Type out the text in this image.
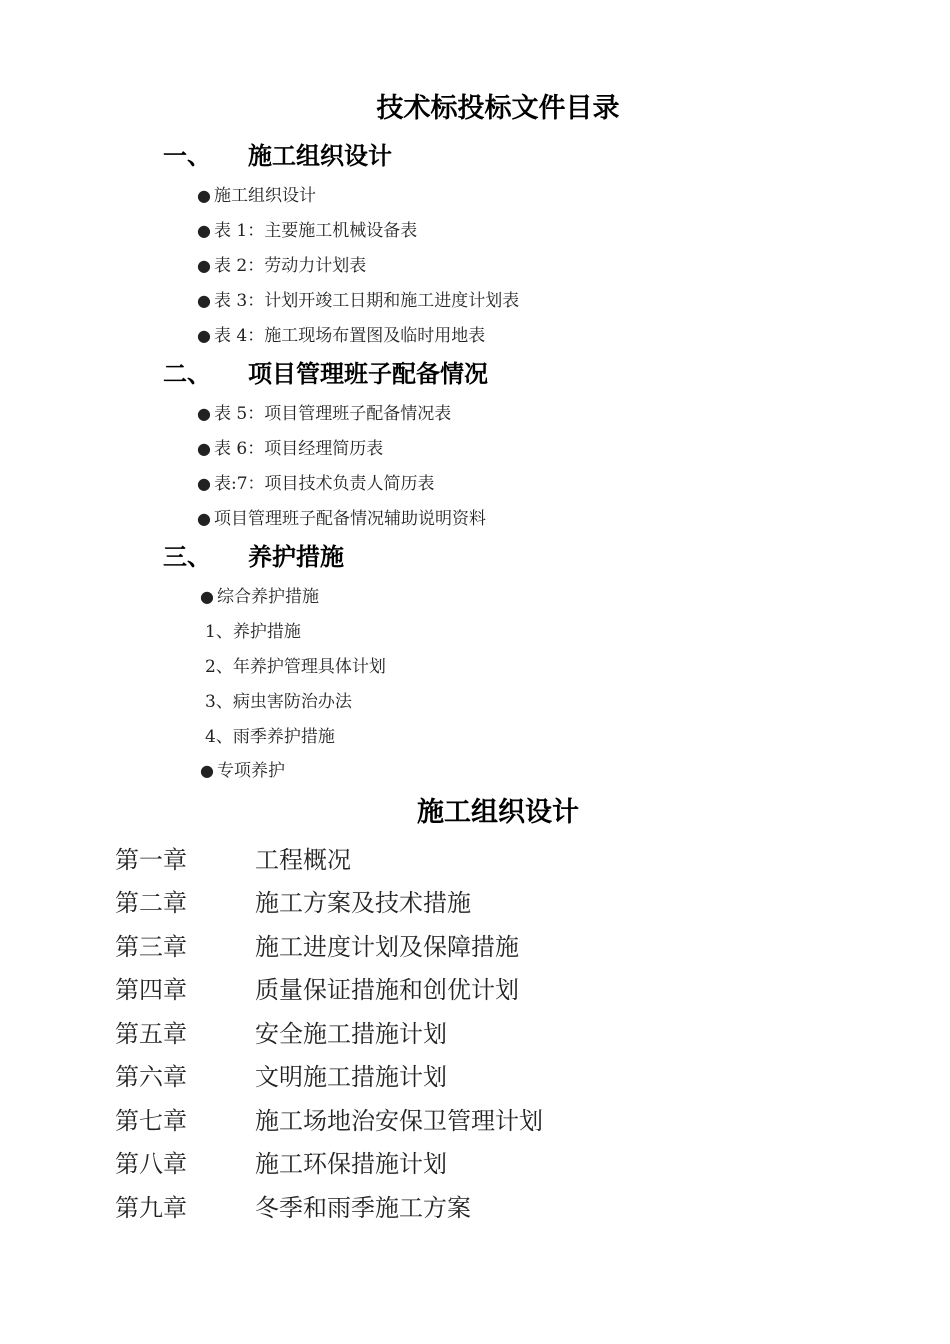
技术标投标文件目录
一、 施工组织设计
● 施工组织设计
● 表 1：主要施工机械设备表
● 表 2：劳动力计划表
● 表 3：计划开竣工日期和施工进度计划表
● 表 4：施工现场布置图及临时用地表
二、 项目管理班子配备情况
● 表 5：项目管理班子配备情况表
● 表 6：项目经理简历表
● 表:7：项目技术负责人简历表
● 项目管理班子配备情况辅助说明资料
三、 养护措施
● 综合养护措施
1、养护措施
2、年养护管理具体计划
3、病虫害防治办法
4、雨季养护措施
● 专项养护
施工组织设计
第一章	工程概况
第二章	施工方案及技术措施
第三章	施工进度计划及保障措施
第四章	质量保证措施和创优计划
第五章	安全施工措施计划
第六章	文明施工措施计划
第七章	施工场地治安保卫管理计划
第八章	施工环保措施计划
第九章	冬季和雨季施工方案
